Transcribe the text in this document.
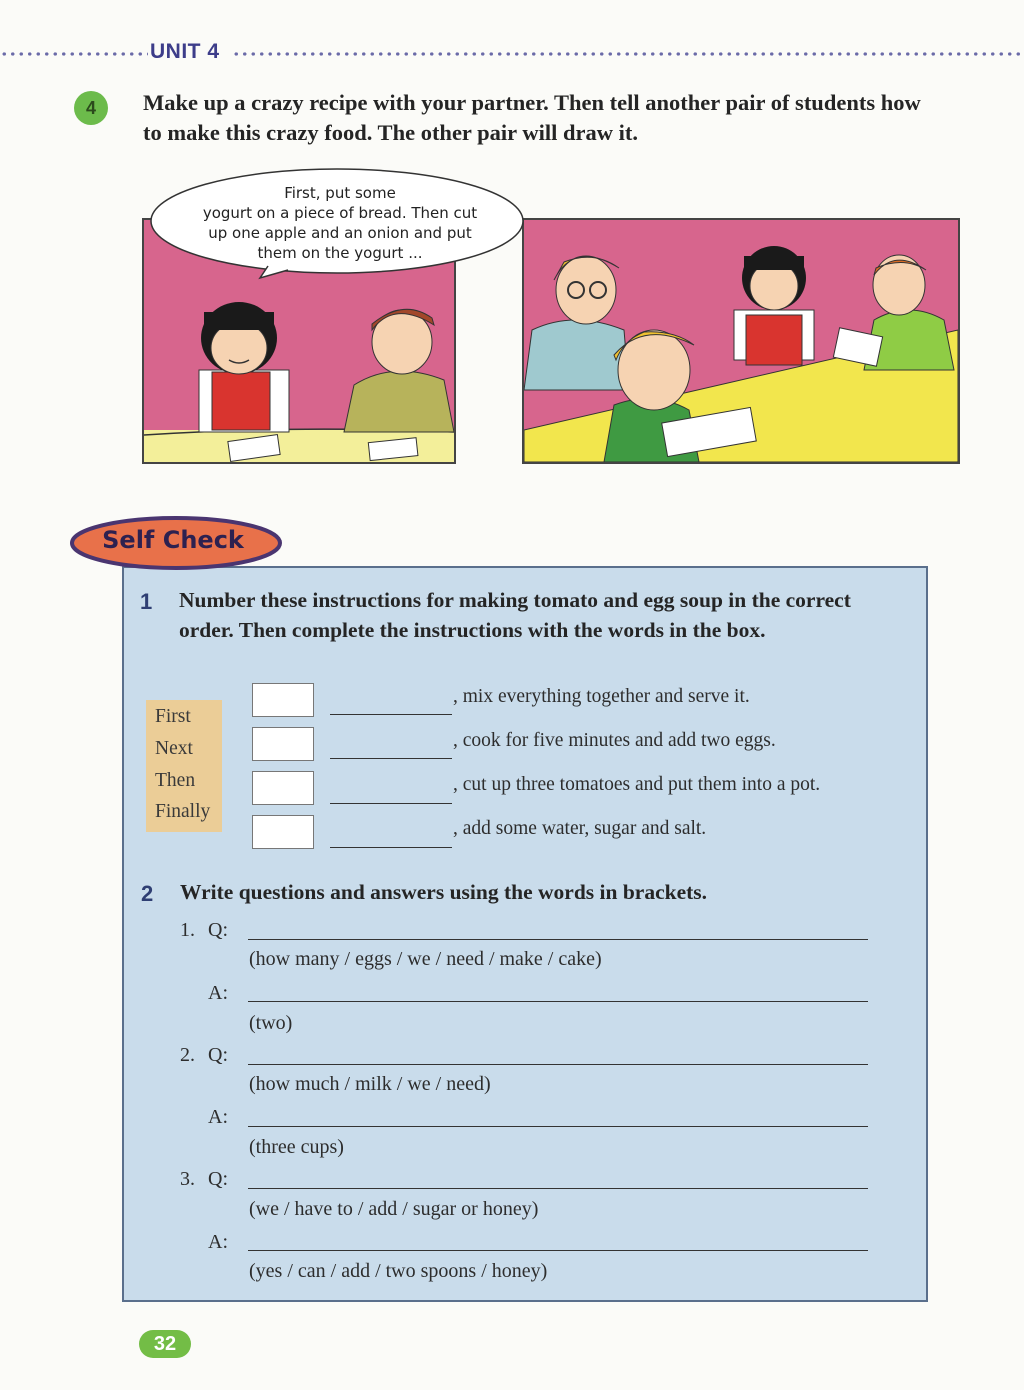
UNIT 4
4	Make up a crazy recipe with your partner. Then tell another pair of students how to make this crazy food. The other pair will draw it.
First, put some
yogurt on a piece of bread. Then cut
up one apple and an onion and put
them on the yogurt ...
Self Check
1 Number these instructions for making tomato and egg soup in the correct order. Then complete the instructions with the words in the box.
First
Next
Then
Finally
, mix everything together and serve it.
, cook for five minutes and add two eggs.
, cut up three tomatoes and put them into a pot.
, add some water, sugar and salt.
2 Write questions and answers using the words in brackets.
1. Q:
(how many / eggs / we / need / make / cake)
A:
(two)
2. Q:
(how much / milk / we / need)
A:
(three cups)
3. Q:
(we / have to / add / sugar or honey)
A:
(yes / can / add / two spoons / honey)
32
